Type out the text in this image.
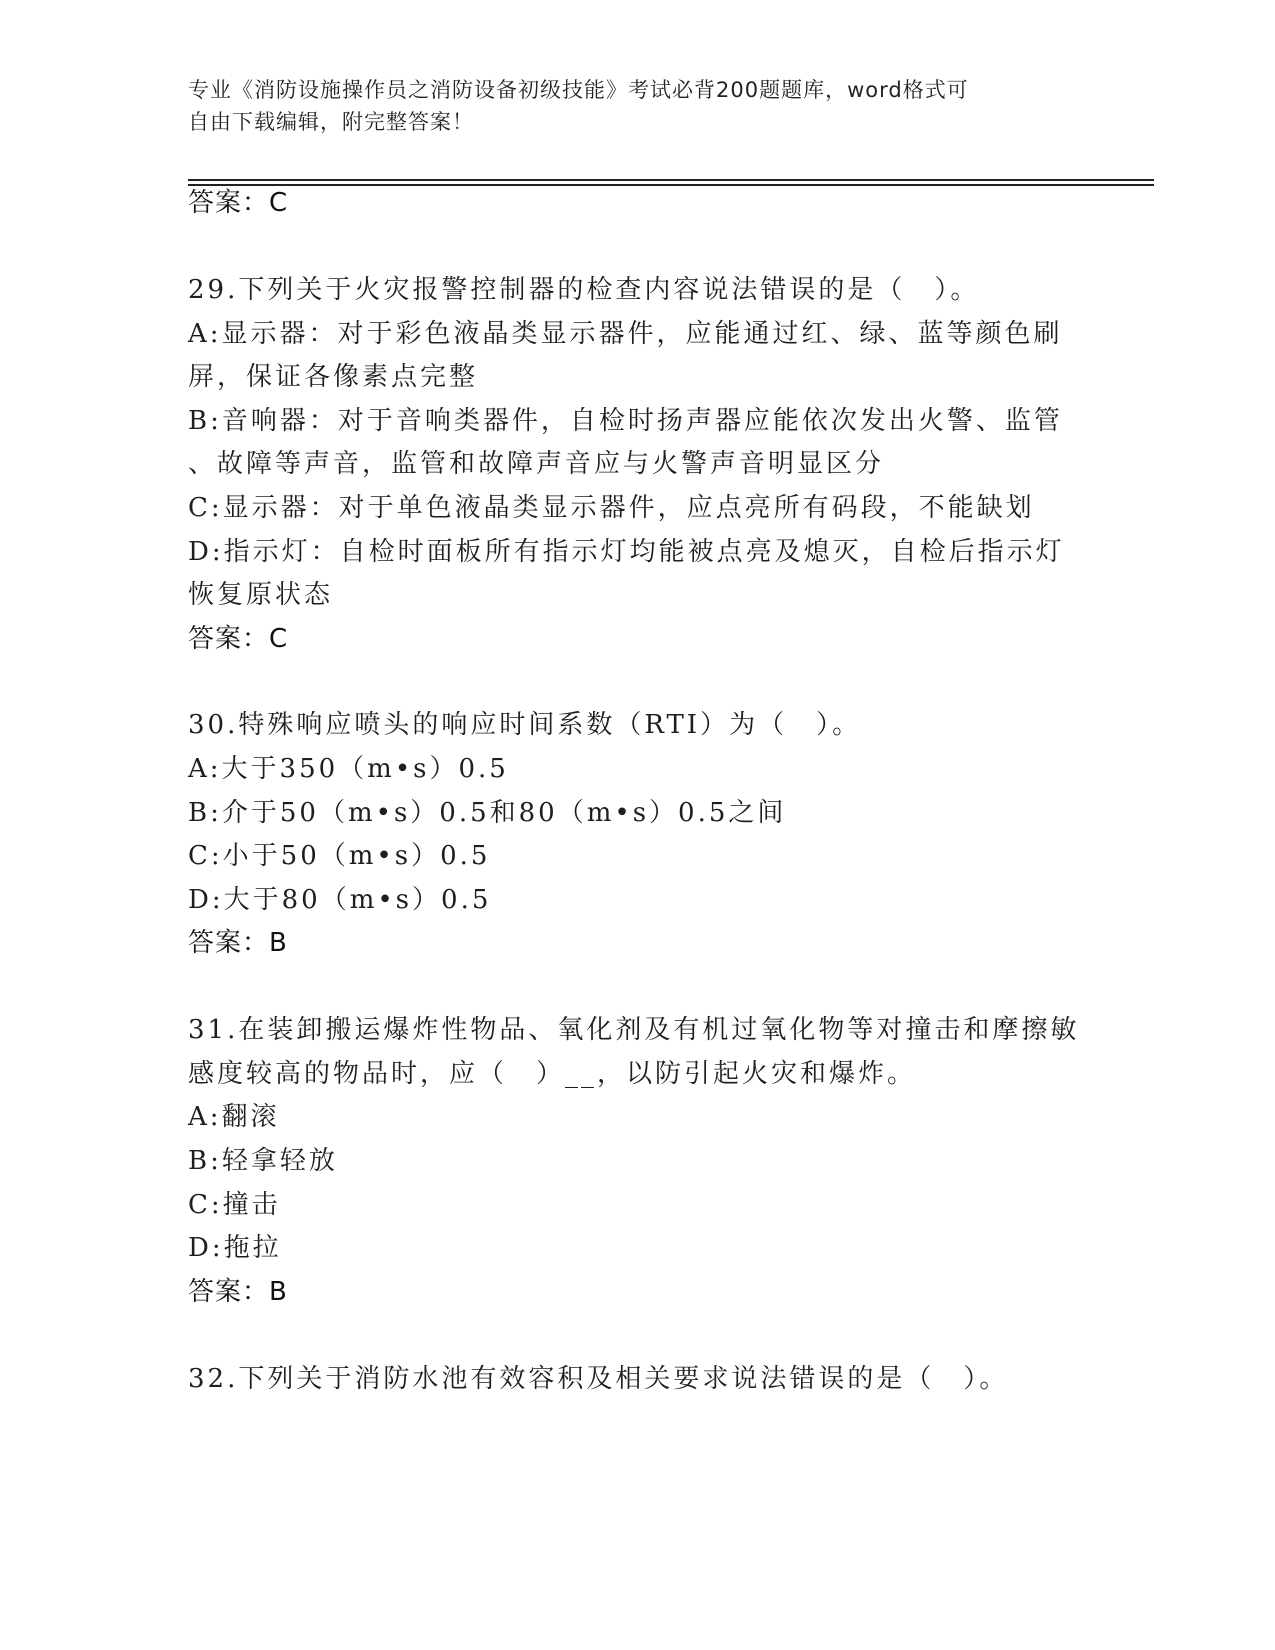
专业《消防设施操作员之消防设备初级技能》考试必背200题题库，word格式可
自由下载编辑，附完整答案！
答案：C
29.下列关于火灾报警控制器的检查内容说法错误的是（　）。
A:显示器：对于彩色液晶类显示器件，应能通过红、绿、蓝等颜色刷
屏，保证各像素点完整
B:音响器：对于音响类器件，自检时扬声器应能依次发出火警、监管
、故障等声音，监管和故障声音应与火警声音明显区分
C:显示器：对于单色液晶类显示器件，应点亮所有码段，不能缺划
D:指示灯：自检时面板所有指示灯均能被点亮及熄灭，自检后指示灯
恢复原状态
答案：C
30.特殊响应喷头的响应时间系数（RTI）为（　）。
A:大于350（m•s）0.5
B:介于50（m•s）0.5和80（m•s）0.5之间
C:小于50（m•s）0.5
D:大于80（m•s）0.5
答案：B
31.在装卸搬运爆炸性物品、氧化剂及有机过氧化物等对撞击和摩擦敏
感度较高的物品时，应（　）__，以防引起火灾和爆炸。
A:翻滚
B:轻拿轻放
C:撞击
D:拖拉
答案：B
32.下列关于消防水池有效容积及相关要求说法错误的是（　）。
